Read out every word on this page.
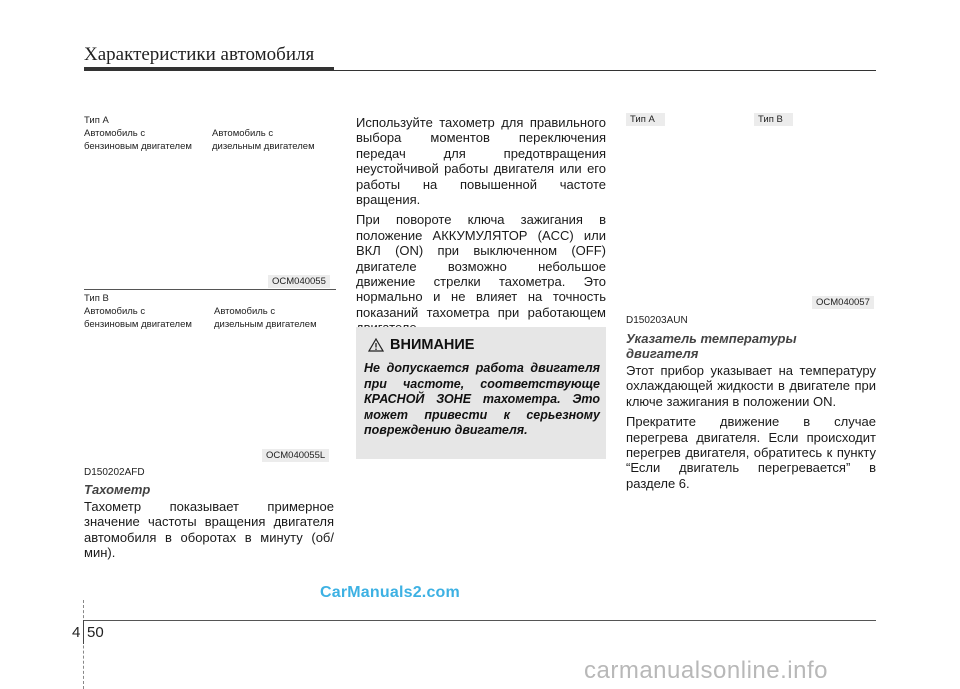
Характеристики автомобиля
Тип A
Автомобиль с
бензиновым двигателем
Автомобиль с
дизельным двигателем
OCM040055
Тип B
Автомобиль с
бензиновым двигателем
Автомобиль с
дизельным двигателем
OCM040055L
D150202AFD
Тахометр
Тахометр показывает примерное значение частоты вращения двигателя автомобиля в оборотах в минуту (об/мин).

Используйте тахометр для правильного выбора моментов переключения передач для предотвращения неустойчивой работы двигателя или его работы на повышенной частоте вращения.

При повороте ключа зажигания в положение АККУМУЛЯТОР (ACC) или ВКЛ (ON) при выключенном (OFF) двигателе возможно небольшое движение стрелки тахометра. Это нормально и не влияет на точность показаний тахометра при работающем

ВНИМАНИЕ
Не допускается работа двигателя при частоте, соответствующе КРАСНОЙ ЗОНЕ тахометра. Это может привести к серьезному повреждению двигателя.
Тип A	Тип B
OCM040057
D150203AUN
Указатель температуры
двигателя

Этот прибор указывает на температуру охлаждающей жидкости в двигателе при ключе зажигания в положении ON.

Прекратите движение в случае перегрева двигателя. Если происходит перегрев двигателя, обратитесь к пункту “Если двигатель перегревается” в разделе 6.

CarManuals2.com
carmanualsonline.info
4 50
